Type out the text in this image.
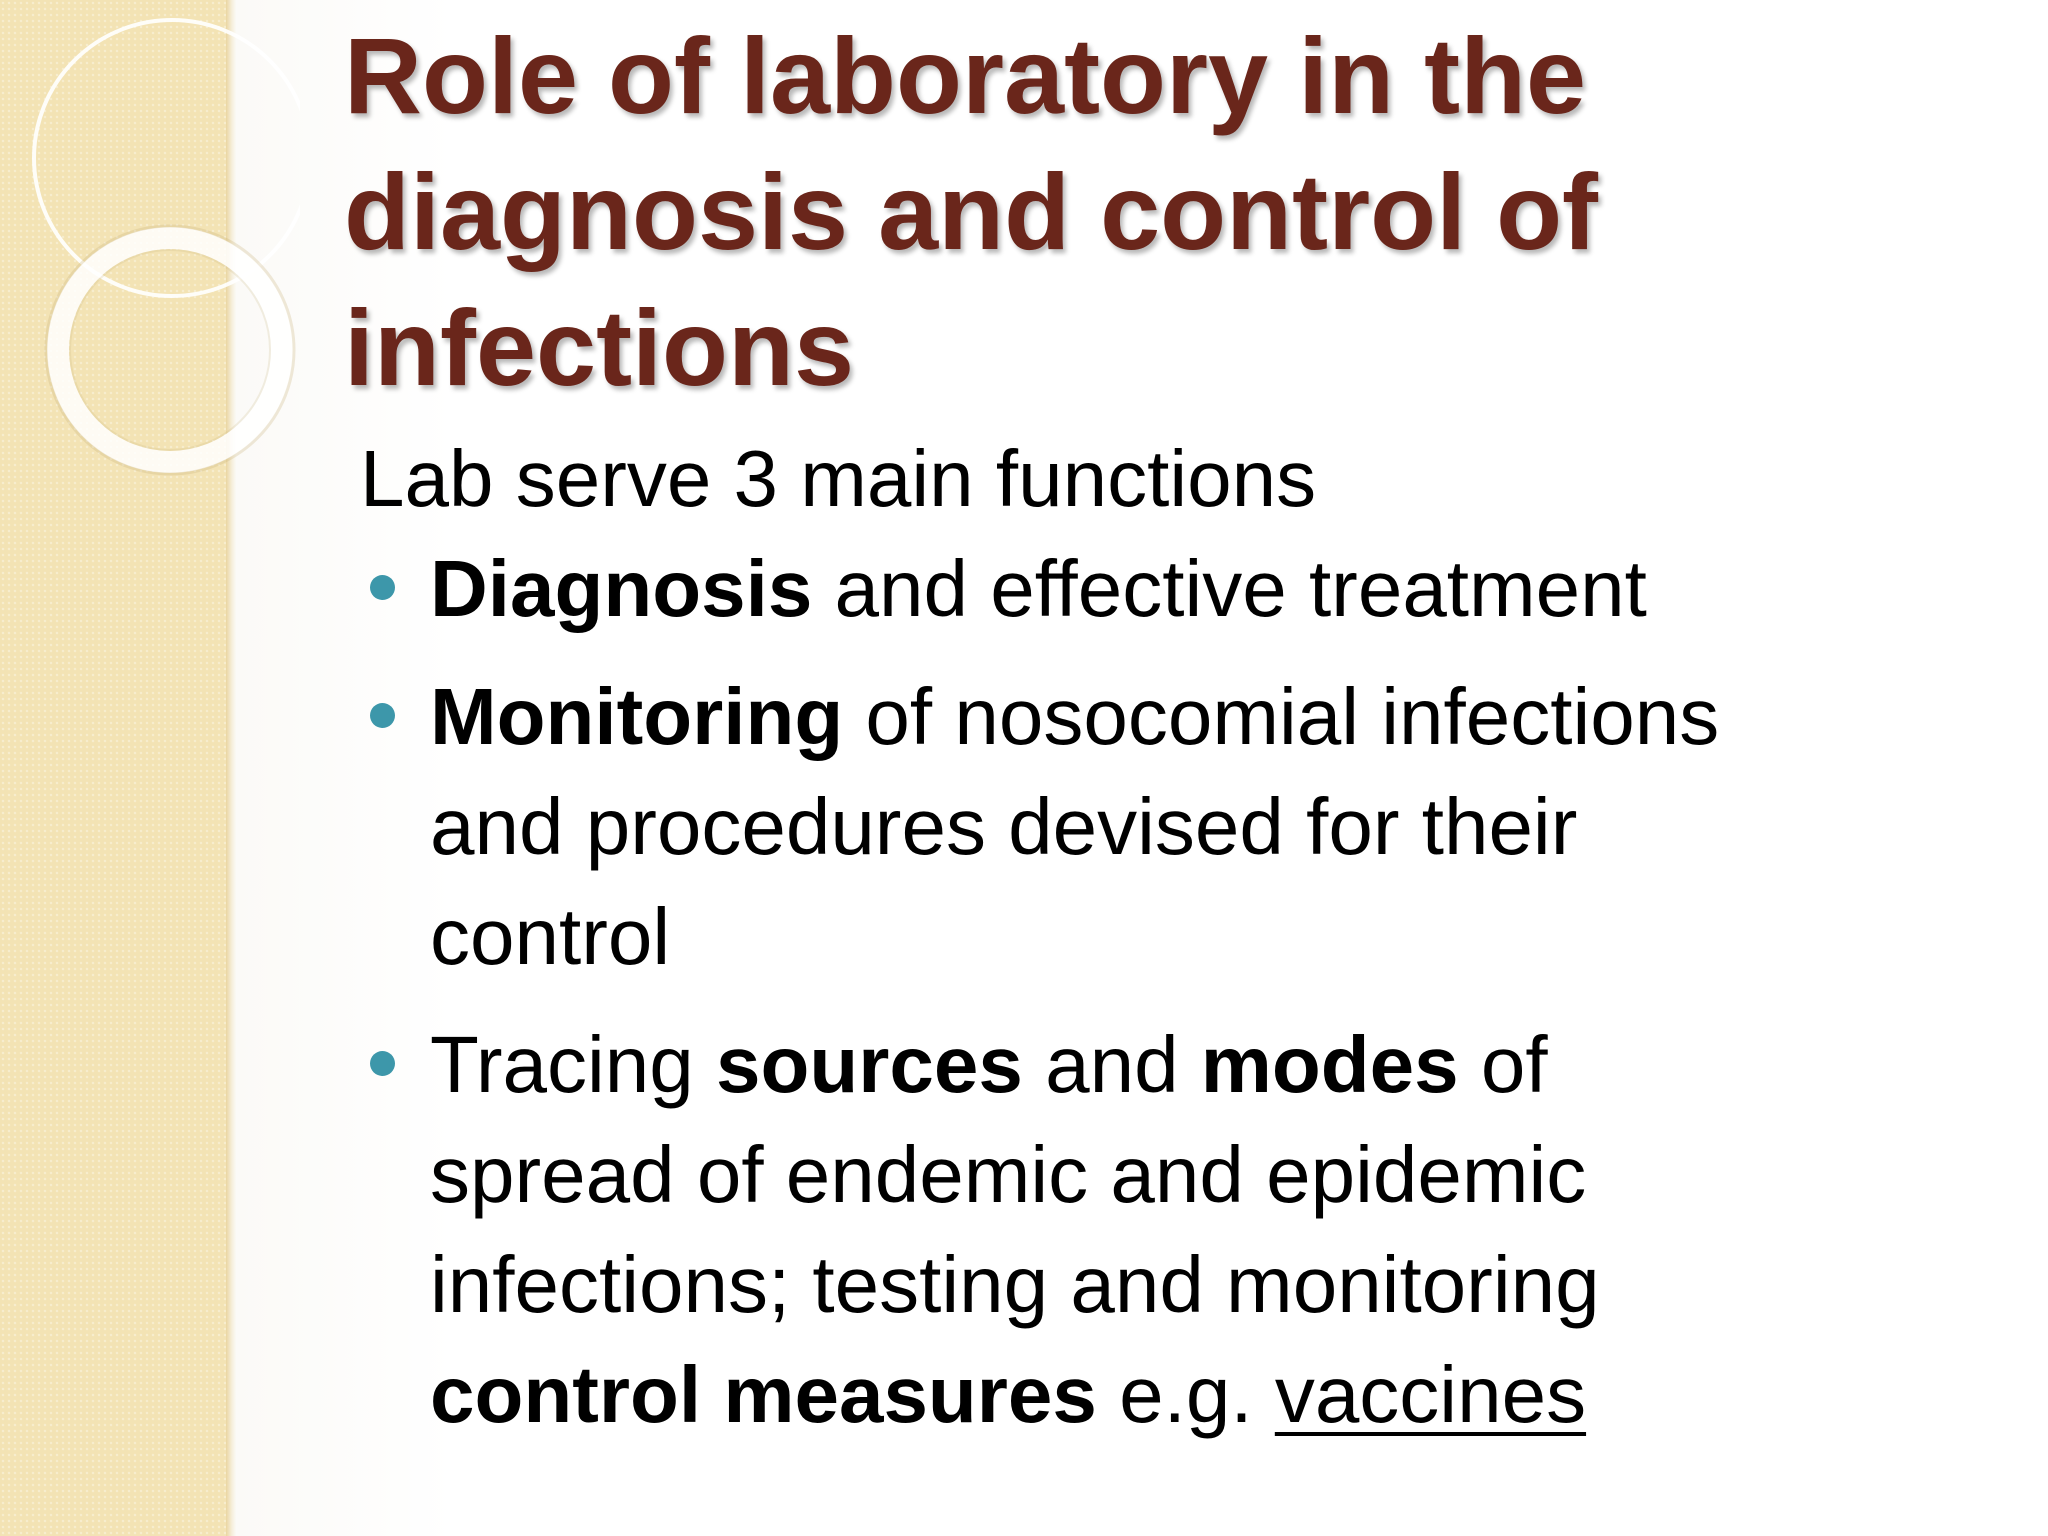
Role of laboratory in the
diagnosis and control of
infections
Lab serve 3 main functions
Diagnosis and effective treatment
Monitoring of nosocomial infections
and procedures devised for their
control
Tracing sources and modes of
spread of endemic and epidemic
infections; testing and monitoring
control measures e.g. vaccines
